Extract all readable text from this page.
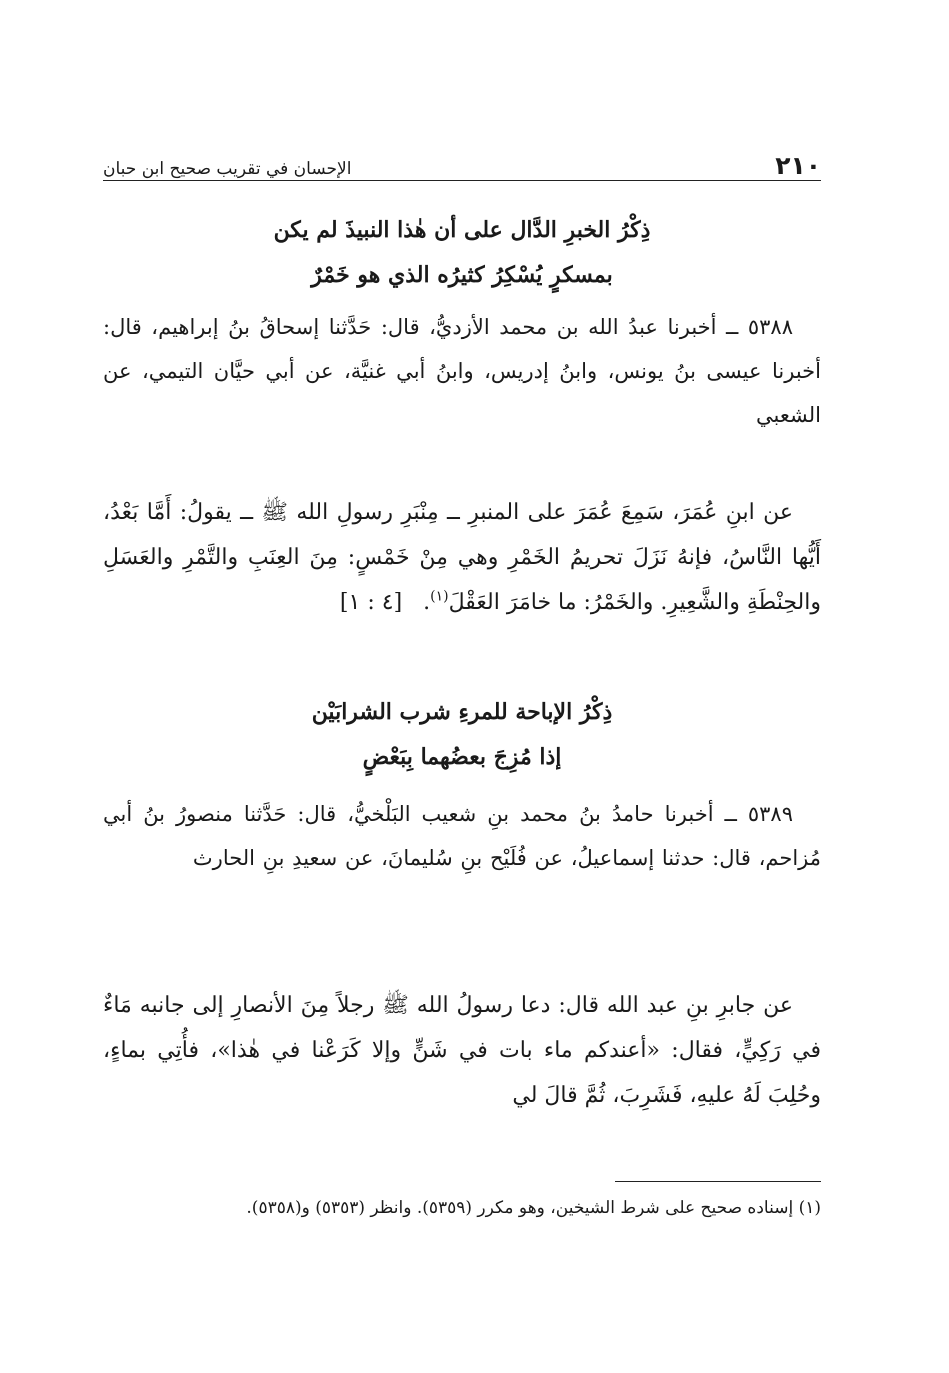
٢١٠
الإحسان في تقريب صحيح ابن حبان
ذِكْرُ الخبرِ الدَّال على أن هٰذا النبيذَ لم يكن
بمسكرٍ يُسْكِرُ كثيرُه الذي هو خَمْرٌ
٥٣٨٨ ــ أخبرنا عبدُ الله بن محمد الأزديُّ، قال: حَدَّثنا إسحاقُ بنُ إبراهيم، قال: أخبرنا عيسى بنُ يونس، وابنُ إدريس، وابنُ أبي غنيَّة، عن أبي حيَّان التيمي، عن الشعبي
عن ابنِ عُمَرَ، سَمِعَ عُمَرَ على المنبرِ ــ مِنْبَرِ رسولِ الله ﷺ ــ يقولُ: أَمَّا بَعْدُ، أَيُّها النَّاسُ، فإنهُ نَزَلَ تحريمُ الخَمْرِ وهي مِنْ خَمْسٍ: مِنَ العِنَبِ والتَّمْرِ والعَسَلِ والحِنْطَةِ والشَّعِيرِ. والخَمْرُ: ما خامَرَ العَقْلَ$^{(١)}$.   [٤ : ١]
ذِكْرُ الإباحة للمرءِ شرب الشرابَيْن
إذا مُزِجَ بعضُهما بِبَعْضٍ
٥٣٨٩ ــ أخبرنا حامدُ بنُ محمد بنِ شعيب البَلْخيُّ، قال: حَدَّثنا منصورُ بنُ أبي مُزاحم، قال: حدثنا إسماعيلُ، عن فُلَيْح بنِ سُليمانَ، عن سعيدِ بنِ الحارث
عن جابرِ بنِ عبد الله قال: دعا رسولُ الله ﷺ رجلاً مِنَ الأنصارِ إلى جانبه مَاءٌ في رَكِيٍّ، فقال: «أعندكم ماء بات في شَنٍّ وإلا كَرَعْنا في هٰذا»، فأُتِي بماءٍ، وحُلِبَ لَهُ عليهِ، فَشَرِبَ، ثُمَّ قالَ لي
(١) إسناده صحيح على شرط الشيخين، وهو مكرر (٥٣٥٩). وانظر (٥٣٥٣) و(٥٣٥٨).
